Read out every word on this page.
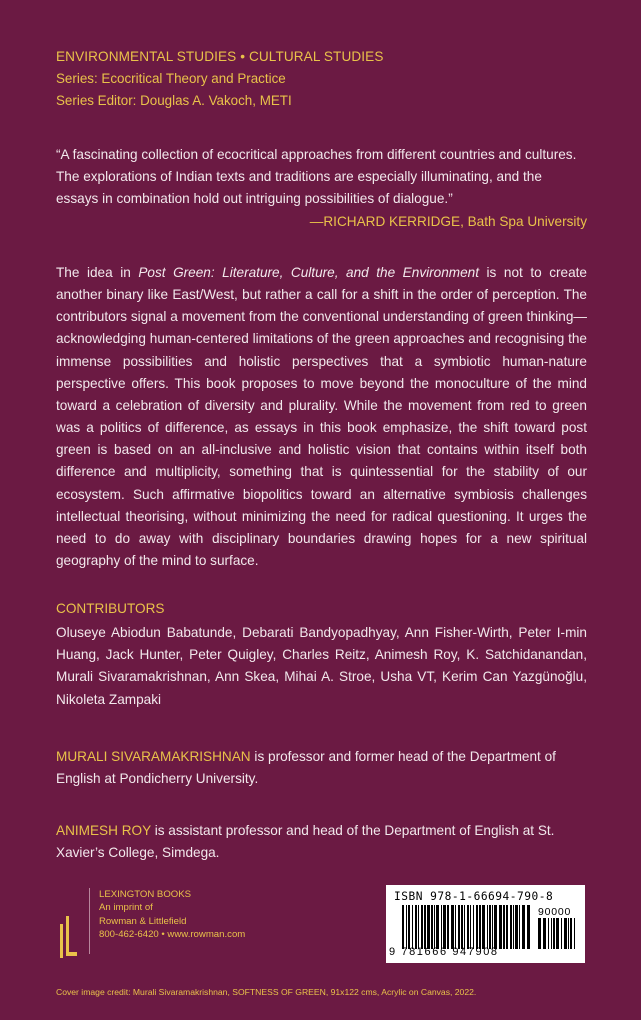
ENVIRONMENTAL STUDIES • CULTURAL STUDIES
Series: Ecocritical Theory and Practice
Series Editor: Douglas A. Vakoch, METI
“A fascinating collection of ecocritical approaches from different countries and cultures. The explorations of Indian texts and traditions are especially illuminating, and the essays in combination hold out intriguing possibilities of dialogue.”
—RICHARD KERRIDGE, Bath Spa University
The idea in Post Green: Literature, Culture, and the Environment is not to create another binary like East/West, but rather a call for a shift in the order of perception. The contributors signal a movement from the conventional understanding of green thinking—acknowledging human-centered limitations of the green approaches and recognising the immense possibilities and holistic perspectives that a symbiotic human-nature perspective offers. This book proposes to move beyond the monoculture of the mind toward a celebration of diversity and plurality. While the movement from red to green was a politics of difference, as essays in this book emphasize, the shift toward post green is based on an all-inclusive and holistic vision that contains within itself both difference and multiplicity, something that is quintessential for the stability of our ecosystem. Such affirmative biopolitics toward an alternative symbiosis challenges intellectual theorising, without minimizing the need for radical questioning. It urges the need to do away with disciplinary boundaries drawing hopes for a new spiritual geography of the mind to surface.
CONTRIBUTORS
Oluseye Abiodun Babatunde, Debarati Bandyopadhyay, Ann Fisher-Wirth, Peter I-min Huang, Jack Hunter, Peter Quigley, Charles Reitz, Animesh Roy, K. Satchidanandan, Murali Sivaramakrishnan, Ann Skea, Mihai A. Stroe, Usha VT, Kerim Can Yazgünoğlu, Nikoleta Zampaki
MURALI SIVARAMAKRISHNAN is professor and former head of the Department of English at Pondicherry University.
ANIMESH ROY is assistant professor and head of the Department of English at St. Xavier’s College, Simdega.
LEXINGTON BOOKS
An imprint of
Rowman & Littlefield
800-462-6420 • www.rowman.com
ISBN 978-1-66694-790-8
90000
9 781666 947908
Cover image credit: Murali Sivaramakrishnan, SOFTNESS OF GREEN, 91x122 cms, Acrylic on Canvas, 2022.
